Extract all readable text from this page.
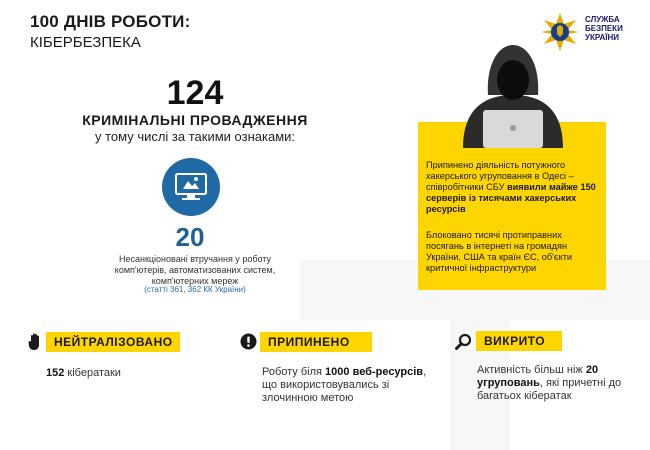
100 ДНІВ РОБОТИ:
КІБЕРБЕЗПЕКА
СЛУЖБА
БЕЗПЕКИ
УКРАЇНИ
124
КРИМІНАЛЬНІ ПРОВАДЖЕННЯ
у тому числі за такими ознаками:
20
Несанкціоновані втручання у роботу
комп'ютерів, автоматизованих систем,
комп'ютерних мереж
(статті 361, 362 КК України)
Припинено діяльність потужного хакерського угруповання в Одесі – співробітники СБУ виявили майже 150 серверів із тисячами хакерських ресурсів
Блоковано тисячі протиправних посягань в інтернеті на громадян України, США та країн ЄС, об'єкти критичної інфраструктури
НЕЙТРАЛІЗОВАНО
152 кібератаки
ПРИПИНЕНО
Роботу біля 1000 веб-ресурсів, що використовувались зі злочинною метою
ВИКРИТО
Активність більш ніж 20 угруповань, які причетні до багатьох кібератак
